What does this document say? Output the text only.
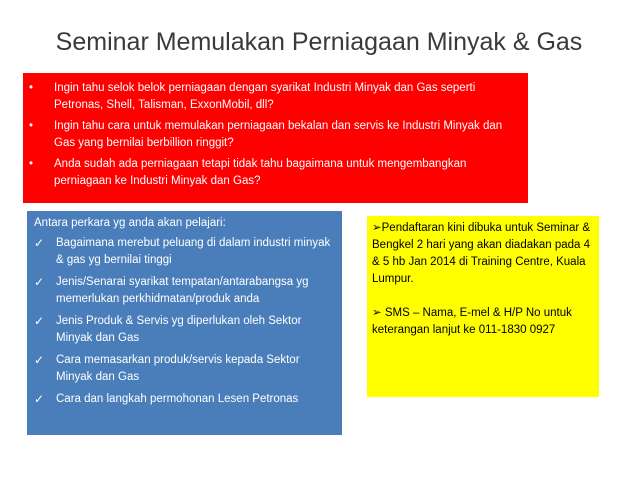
Seminar Memulakan Perniagaan Minyak & Gas
• Ingin tahu selok belok perniagaan dengan syarikat Industri Minyak dan Gas seperti Petronas, Shell, Talisman, ExxonMobil, dll?
• Ingin tahu cara untuk memulakan perniagaan bekalan dan servis ke Industri Minyak dan Gas yang bernilai berbillion ringgit?
• Anda sudah ada perniagaan tetapi tidak tahu bagaimana untuk mengembangkan perniagaan ke Industri Minyak dan Gas?
Antara perkara yg anda akan pelajari:
✓ Bagaimana merebut peluang di dalam industri minyak & gas yg bernilai tinggi
✓ Jenis/Senarai syarikat tempatan/antarabangsa yg memerlukan perkhidmatan/produk anda
✓ Jenis Produk & Servis yg diperlukan oleh Sektor Minyak dan Gas
✓ Cara memasarkan produk/servis kepada Sektor Minyak dan Gas
✓ Cara dan langkah permohonan Lesen Petronas

➢Pendaftaran kini dibuka untuk Seminar & Bengkel 2 hari yang akan diadakan pada 4 & 5 hb Jan 2014 di Training Centre, Kuala Lumpur.

➢ SMS – Nama, E-mel & H/P No untuk keterangan lanjut ke 011-1830 0927
